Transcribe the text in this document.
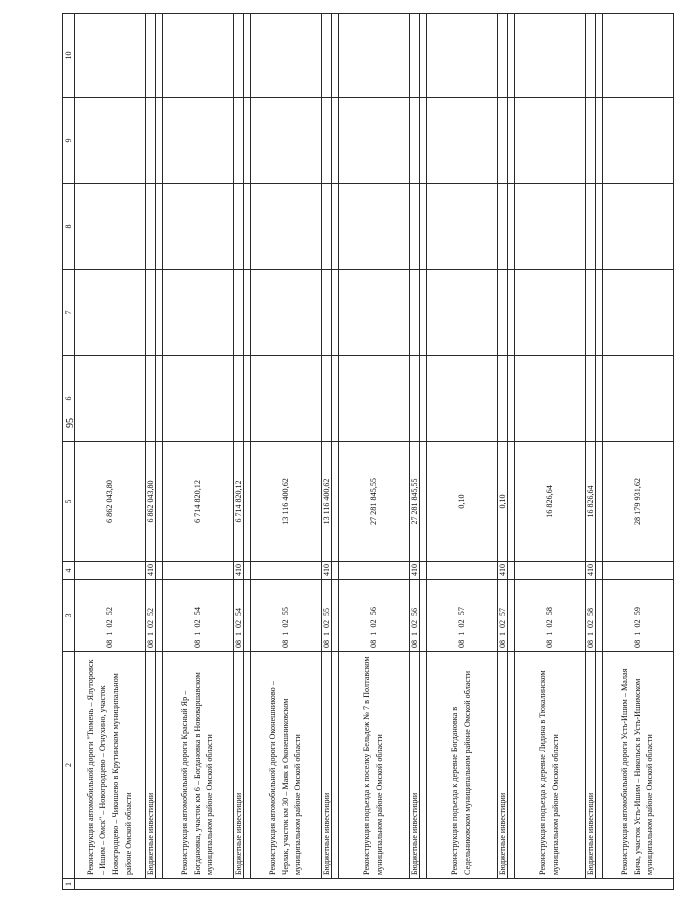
95
1	2	3	4	5	6	7	8	9	10
	Реконструкция автомобильной дороги "Тюмень – Ялуторовск – Ишим – Омск" – Новогродцево – Огнухино, участок Новогродцево – Чикишево в Крутинском муниципальном районе Омской области	08  1  02  52		6 862 043,80					
	Бюджетные инвестиции	08  1  02  52	410	6 862 043,80					

	Реконструкция автомобильной дороги Красный Яр – Богдановка, участок км 6 – Богдановка в Нововаршавском муниципальном районе Омской области	08  1  02  54		6 714 820,12					
	Бюджетные инвестиции	08  1  02  54	410	6 714 820,12					

	Реконструкция автомобильной дороги Оконешниково – Черлак, участок км 30 – Маяк в Оконешниковском муниципальном районе Омской области	08  1  02  55		13 116 400,62					
	Бюджетные инвестиции	08  1  02  55	410	13 116 400,62					

	Реконструкция подъезда к поселку Бельдеж № 7 в Полтавском муниципальном районе Омской области	08  1  02  56		27 281 845,55					
	Бюджетные инвестиции	08  1  02  56	410	27 281 845,55					

	Реконструкция подъезда к деревне Богдановка в Седельниковском муниципальном районе Омской области	08  1  02  57		0,10					
	Бюджетные инвестиции	08  1  02  57	410	0,10					

	Реконструкция подъезда к деревне Лидина в Тюкалинском муниципальном районе Омской области	08  1  02  58		16 826,64					
	Бюджетные инвестиции	08  1  02  58	410	16 826,64					

	Реконструкция автомобильной дороги Усть-Ишим – Малая Бича, участок Усть-Ишим – Никольск в Усть-Ишимском муниципальном районе Омской области	08  1  02  59		28 179 931,62					
